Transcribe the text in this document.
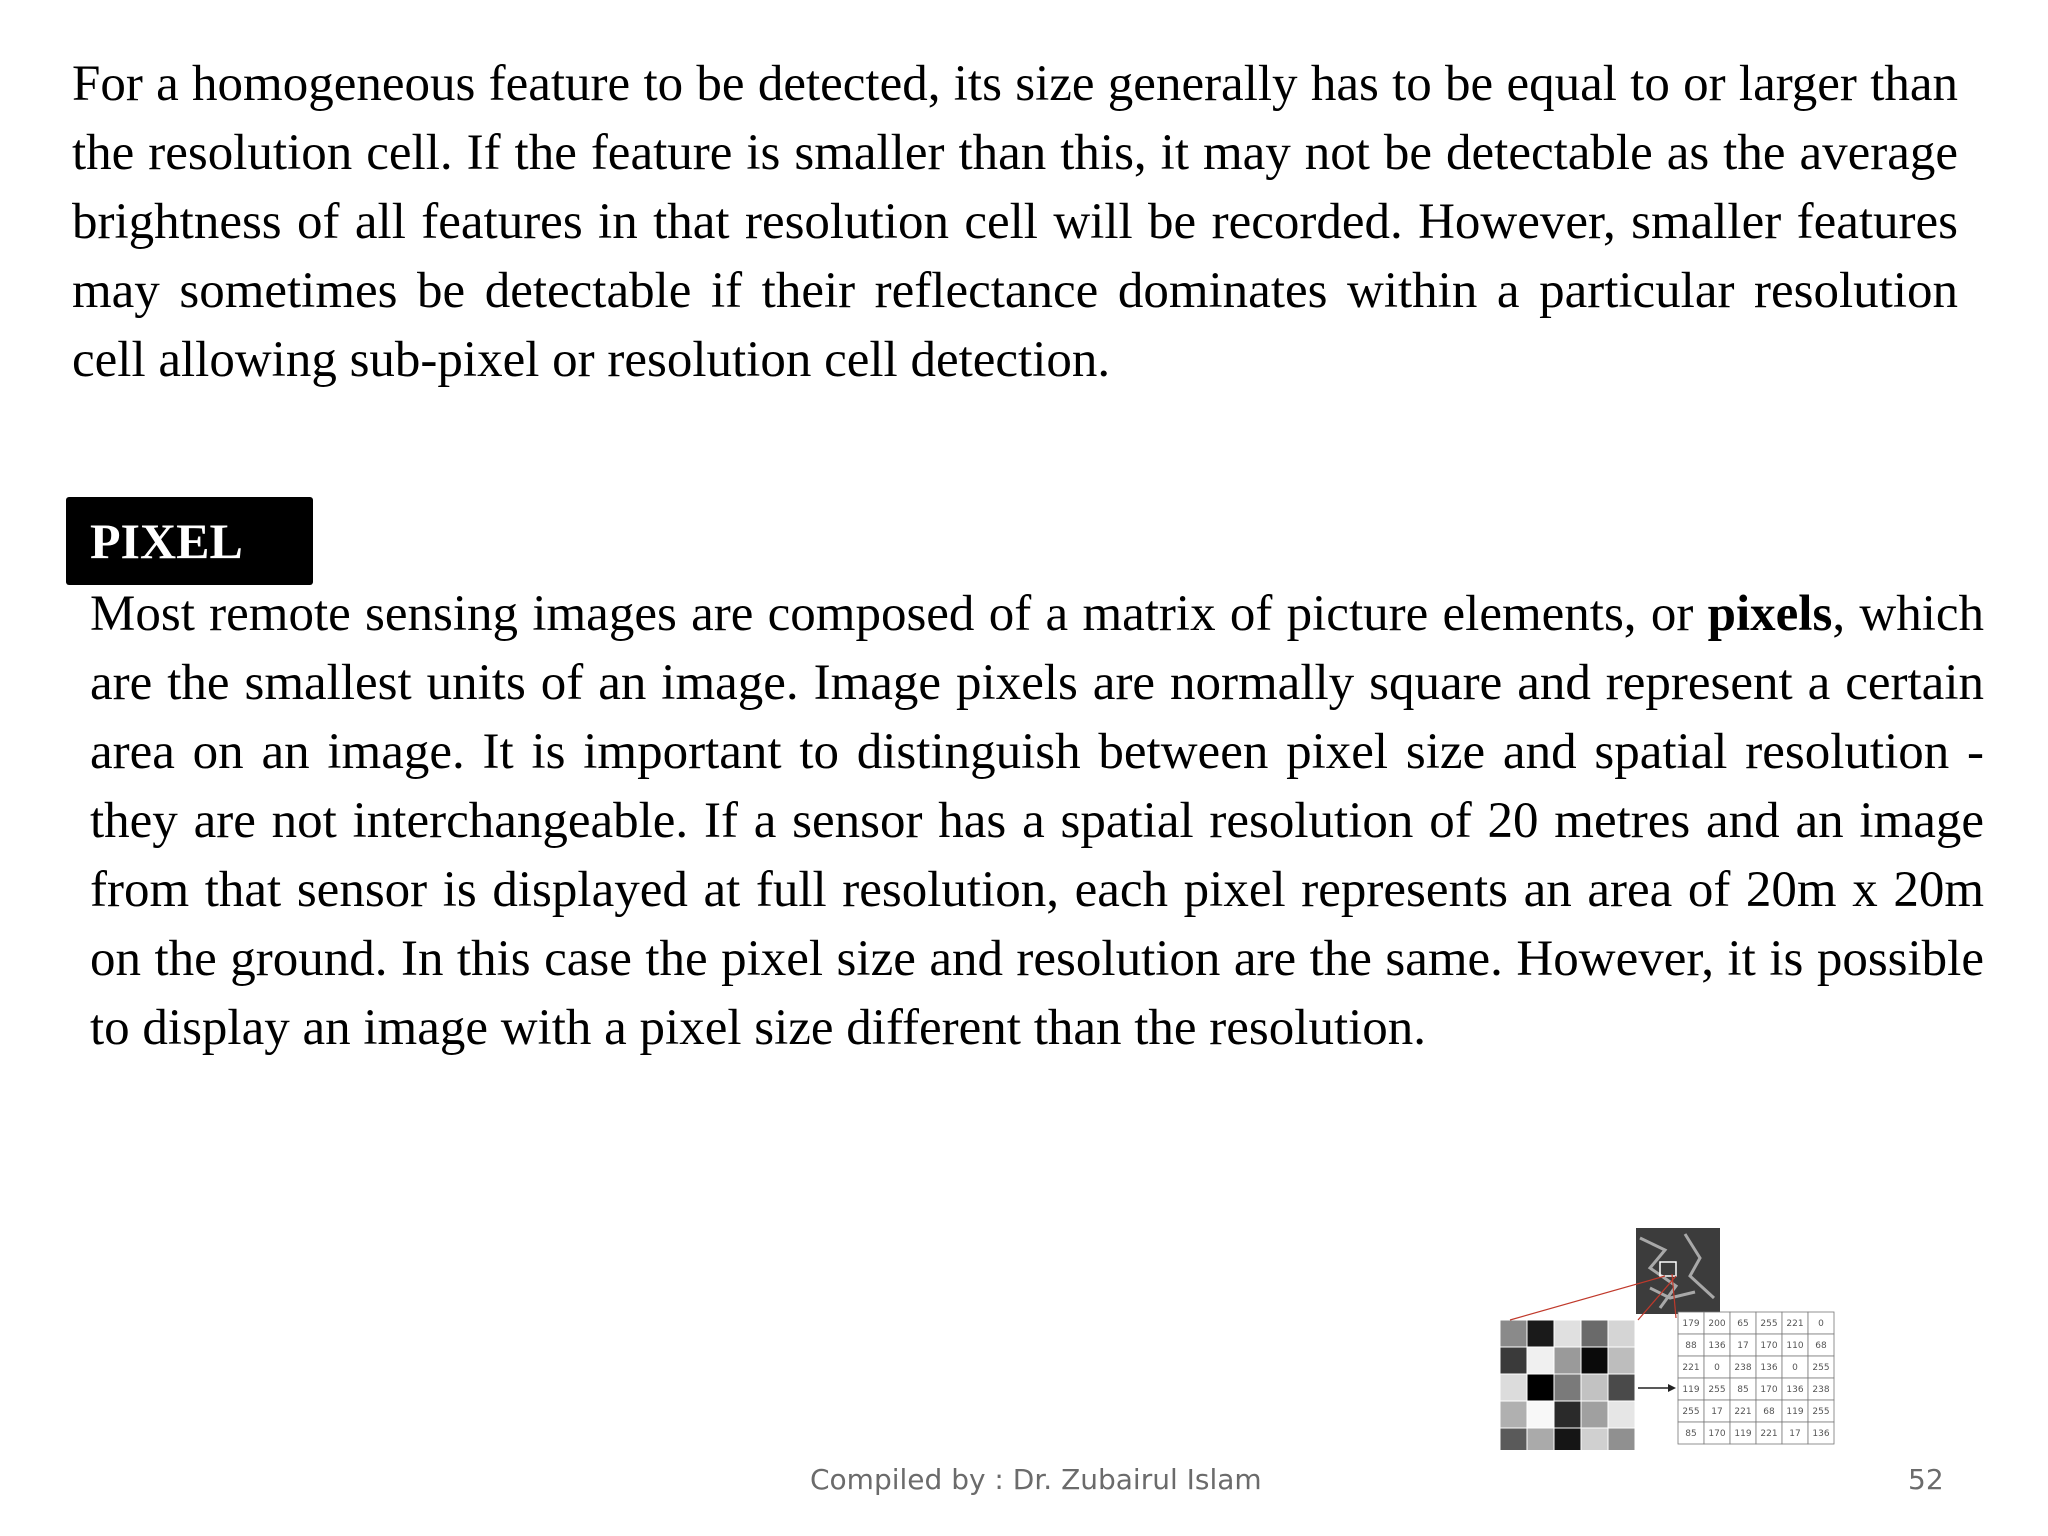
For a homogeneous feature to be detected, its size generally has to be equal to or larger than the resolution cell. If the feature is smaller than this, it may not be detectable as the average brightness of all features in that resolution cell will be recorded. However, smaller features may sometimes be detectable if their reflectance dominates within a particular resolution cell allowing sub-pixel or resolution cell detection.

PIXEL

Most remote sensing images are composed of a matrix of picture elements, or pixels, which are the smallest units of an image. Image pixels are normally square and represent a certain area on an image. It is important to distinguish between pixel size and spatial resolution - they are not interchangeable. If a sensor has a spatial resolution of 20 metres and an image from that sensor is displayed at full resolution, each pixel represents an area of 20m x 20m on the ground. In this case the pixel size and resolution are the same. However, it is possible to display an image with a pixel size different than the resolution.

179 200 65 255 221 0
88 136 17 170 110 68
221 0 238 136 0 255
119 255 85 170 136 238
255 17 221 68 119 255
85 170 119 221 17 136
Compiled by : Dr. Zubairul Islam	52
